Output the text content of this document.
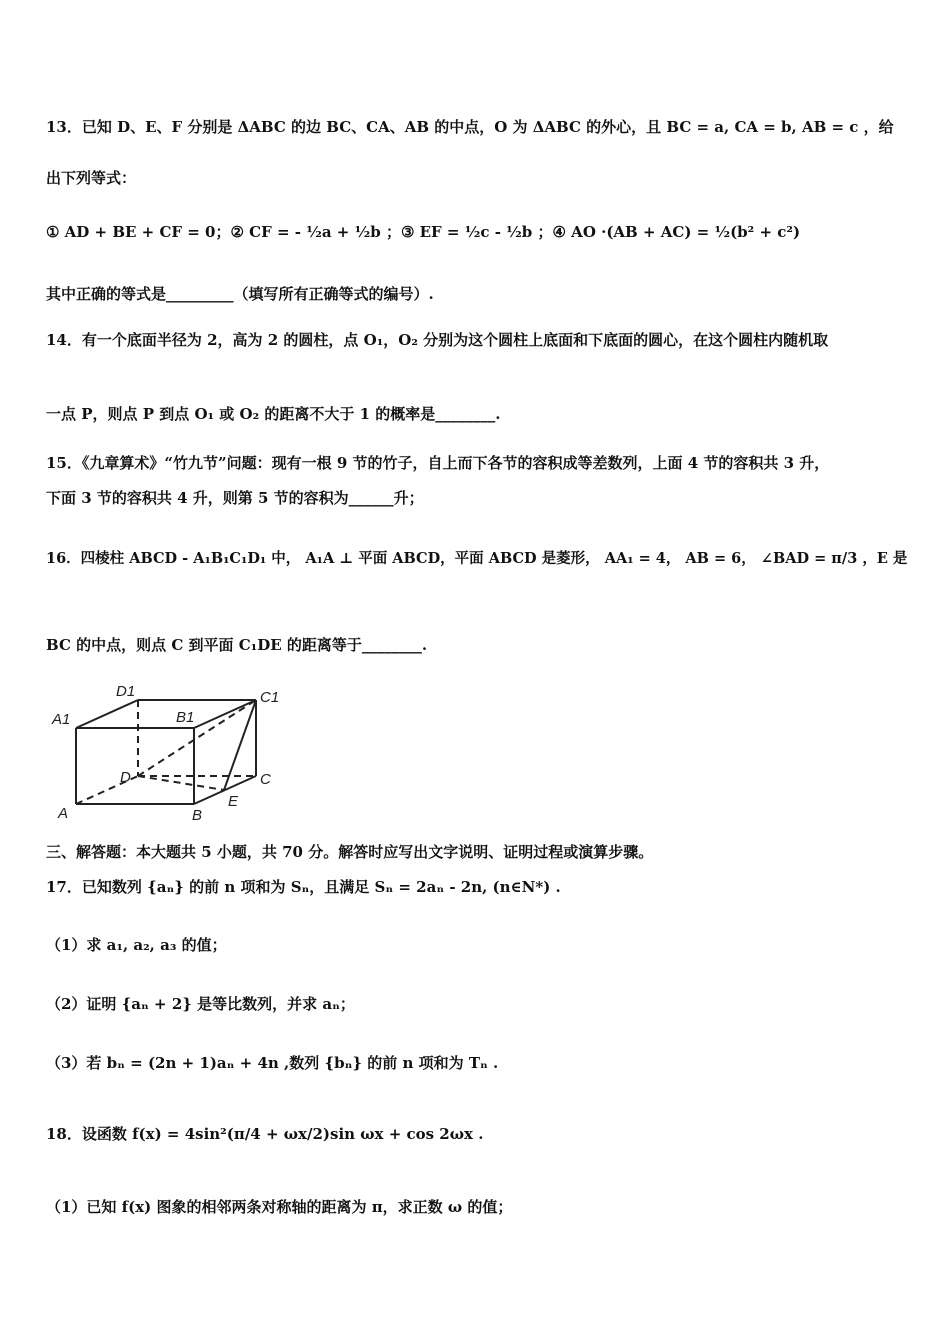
13．已知 D、E、F 分别是 ΔABC 的边 BC、CA、AB 的中点，O 为 ΔABC 的外心，且 BC = a, CA = b, AB = c ，给
出下列等式：
① AD + BE + CF = 0；② CF = - ½a + ½b ；③ EF = ½c - ½b ；④ AO ·(AB + AC) = ½(b² + c²)
其中正确的等式是_________（填写所有正确等式的编号）.
14．有一个底面半径为 2，高为 2 的圆柱，点 O₁，O₂ 分别为这个圆柱上底面和下底面的圆心，在这个圆柱内随机取
一点 P，则点 P 到点 O₁ 或 O₂ 的距离不大于 1 的概率是________.
15．《九章算术》“竹九节”问题：现有一根 9 节的竹子，自上而下各节的容积成等差数列，上面 4 节的容积共 3 升，
下面 3 节的容积共 4 升，则第 5 节的容积为______升；
16．四棱柱 ABCD - A₁B₁C₁D₁ 中， A₁A ⊥ 平面 ABCD，平面 ABCD 是菱形， AA₁ = 4， AB = 6， ∠BAD = π/3 ，E 是
BC 的中点，则点 C 到平面 C₁DE 的距离等于________.
D1	C1
A1	B1
D	C
A
E
B
三、解答题：本大题共 5 小题，共 70 分。解答时应写出文字说明、证明过程或演算步骤。
17．已知数列 {aₙ} 的前 n 项和为 Sₙ，且满足 Sₙ = 2aₙ - 2n, (n∈N*) .
（1）求 a₁, a₂, a₃ 的值；
（2）证明 {aₙ + 2} 是等比数列，并求 aₙ；
（3）若 bₙ = (2n + 1)aₙ + 4n ,数列 {bₙ} 的前 n 项和为 Tₙ .
18．设函数 f(x) = 4sin²(π/4 + ωx/2)sin ωx + cos 2ωx .
（1）已知 f(x) 图象的相邻两条对称轴的距离为 π，求正数 ω 的值；
